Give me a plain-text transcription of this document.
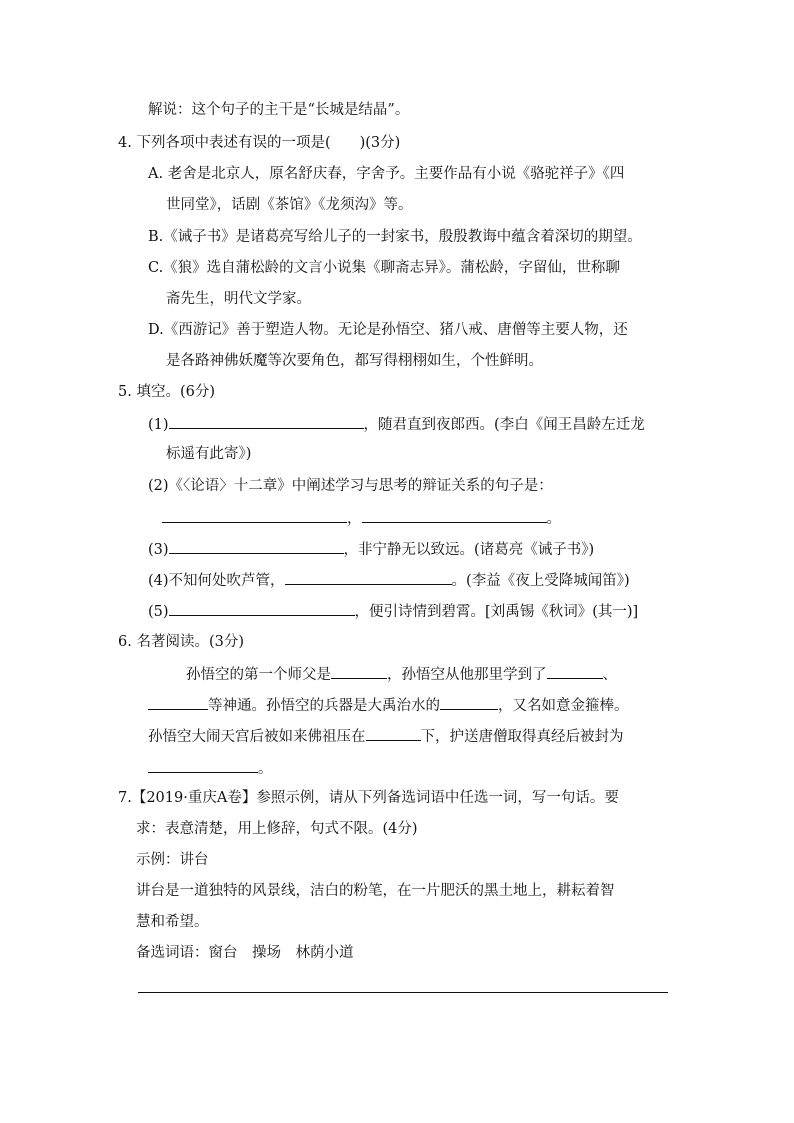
解说：这个句子的主干是“长城是结晶”。
4. 下列各项中表述有误的一项是(　　)(3分)
A. 老舍是北京人，原名舒庆春，字舍予。主要作品有小说《骆驼祥子》《四
世同堂》，话剧《茶馆》《龙须沟》等。
B.《诫子书》是诸葛亮写给儿子的一封家书，殷殷教诲中蕴含着深切的期望。
C.《狼》选自蒲松龄的文言小说集《聊斋志异》。蒲松龄，字留仙，世称聊
斋先生，明代文学家。
D.《西游记》善于塑造人物。无论是孙悟空、猪八戒、唐僧等主要人物，还
是各路神佛妖魔等次要角色，都写得栩栩如生，个性鲜明。
5. 填空。(6分)
(1)	，随君直到夜郎西。(李白《闻王昌龄左迁龙
标遥有此寄》)
(2)《〈论语〉十二章》中阐述学习与思考的辩证关系的句子是：
，	。
(3)	，非宁静无以致远。(诸葛亮《诫子书》)
(4)不知何处吹芦管，	。(李益《夜上受降城闻笛》)
(5)	，便引诗情到碧霄。[刘禹锡《秋词》(其一)]
6. 名著阅读。(3分)
孙悟空的第一个师父是	，孙悟空从他那里学到了	、
等神通。孙悟空的兵器是大禹治水的	，又名如意金箍棒。
孙悟空大闹天宫后被如来佛祖压在	下，护送唐僧取得真经后被封为
。
7.【2019·重庆A卷】参照示例，请从下列备选词语中任选一词，写一句话。要
求：表意清楚，用上修辞，句式不限。(4分)
示例：讲台
讲台是一道独特的风景线，洁白的粉笔，在一片肥沃的黑土地上，耕耘着智
慧和希望。
备选词语：窗台　操场　林荫小道
